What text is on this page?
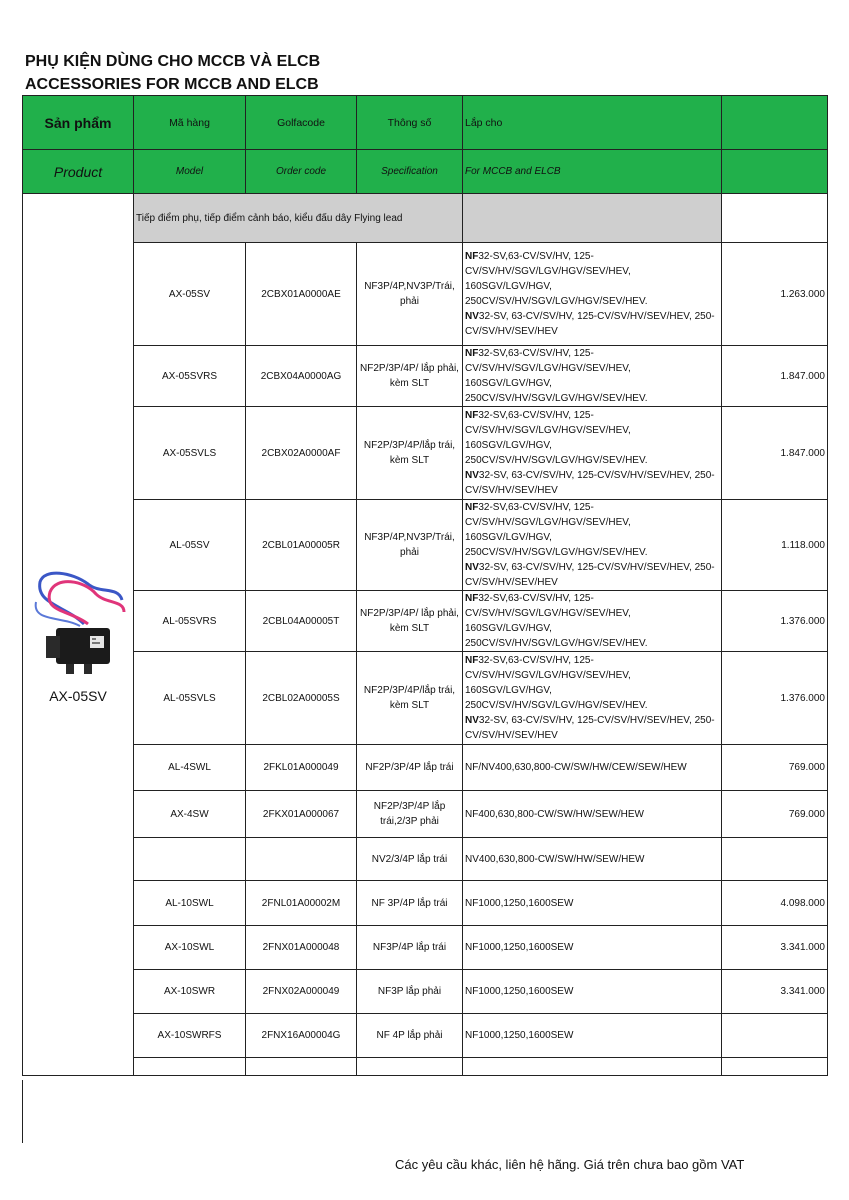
PHỤ KIỆN DÙNG CHO MCCB VÀ ELCB
ACCESSORIES FOR MCCB AND ELCB
Sản phẩm	Mã hàng	Golfacode	Thông số	Lắp cho	
Product	Model	Order code	Specification	For MCCB and ELCB	

AX-05SV	Tiếp điểm phụ, tiếp điểm cảnh báo, kiểu đấu dây Flying lead				
	AX-05SV	2CBX01A0000AE	NF3P/4P,NV3P/Trái, phải	NF32-SV,63-CV/SV/HV, 125-CV/SV/HV/SGV/LGV/HGV/SEV/HEV, 160SGV/LGV/HGV, 250CV/SV/HV/SGV/LGV/HGV/SEV/HEV.
NV32-SV, 63-CV/SV/HV, 125-CV/SV/HV/SEV/HEV, 250-CV/SV/HV/SEV/HEV	1.263.000
	AX-05SVRS	2CBX04A0000AG	NF2P/3P/4P/ lắp phải, kèm SLT	NF32-SV,63-CV/SV/HV, 125-CV/SV/HV/SGV/LGV/HGV/SEV/HEV, 160SGV/LGV/HGV, 250CV/SV/HV/SGV/LGV/HGV/SEV/HEV.	1.847.000
	AX-05SVLS	2CBX02A0000AF	NF2P/3P/4P/lắp trái, kèm SLT	NF32-SV,63-CV/SV/HV, 125-CV/SV/HV/SGV/LGV/HGV/SEV/HEV, 160SGV/LGV/HGV, 250CV/SV/HV/SGV/LGV/HGV/SEV/HEV.
NV32-SV, 63-CV/SV/HV, 125-CV/SV/HV/SEV/HEV, 250-CV/SV/HV/SEV/HEV	1.847.000
	AL-05SV	2CBL01A00005R	NF3P/4P,NV3P/Trái, phải	NF32-SV,63-CV/SV/HV, 125-CV/SV/HV/SGV/LGV/HGV/SEV/HEV, 160SGV/LGV/HGV, 250CV/SV/HV/SGV/LGV/HGV/SEV/HEV.
NV32-SV, 63-CV/SV/HV, 125-CV/SV/HV/SEV/HEV, 250-CV/SV/HV/SEV/HEV	1.118.000
	AL-05SVRS	2CBL04A00005T	NF2P/3P/4P/ lắp phải, kèm SLT	NF32-SV,63-CV/SV/HV, 125-CV/SV/HV/SGV/LGV/HGV/SEV/HEV, 160SGV/LGV/HGV, 250CV/SV/HV/SGV/LGV/HGV/SEV/HEV.	1.376.000
	AL-05SVLS	2CBL02A00005S	NF2P/3P/4P/lắp trái, kèm SLT	NF32-SV,63-CV/SV/HV, 125-CV/SV/HV/SGV/LGV/HGV/SEV/HEV, 160SGV/LGV/HGV, 250CV/SV/HV/SGV/LGV/HGV/SEV/HEV.
NV32-SV, 63-CV/SV/HV, 125-CV/SV/HV/SEV/HEV, 250-CV/SV/HV/SEV/HEV	1.376.000
	AL-4SWL	2FKL01A000049	NF2P/3P/4P lắp trái	NF/NV400,630,800-CW/SW/HW/CEW/SEW/HEW	769.000
	AX-4SW	2FKX01A000067	NF2P/3P/4P lắp trái,2/3P phải	NF400,630,800-CW/SW/HW/SEW/HEW	769.000
			NV2/3/4P lắp trái	NV400,630,800-CW/SW/HW/SEW/HEW	
	AL-10SWL	2FNL01A00002M	NF 3P/4P lắp trái	NF1000,1250,1600SEW	4.098.000
	AX-10SWL	2FNX01A000048	NF3P/4P lắp trái	NF1000,1250,1600SEW	3.341.000
	AX-10SWR	2FNX02A000049	NF3P lắp phải	NF1000,1250,1600SEW	3.341.000
	AX-10SWRFS	2FNX16A00004G	NF 4P lắp phải	NF1000,1250,1600SEW	

Các yêu cầu khác, liên hệ hãng. Giá trên chưa bao gồm VAT
